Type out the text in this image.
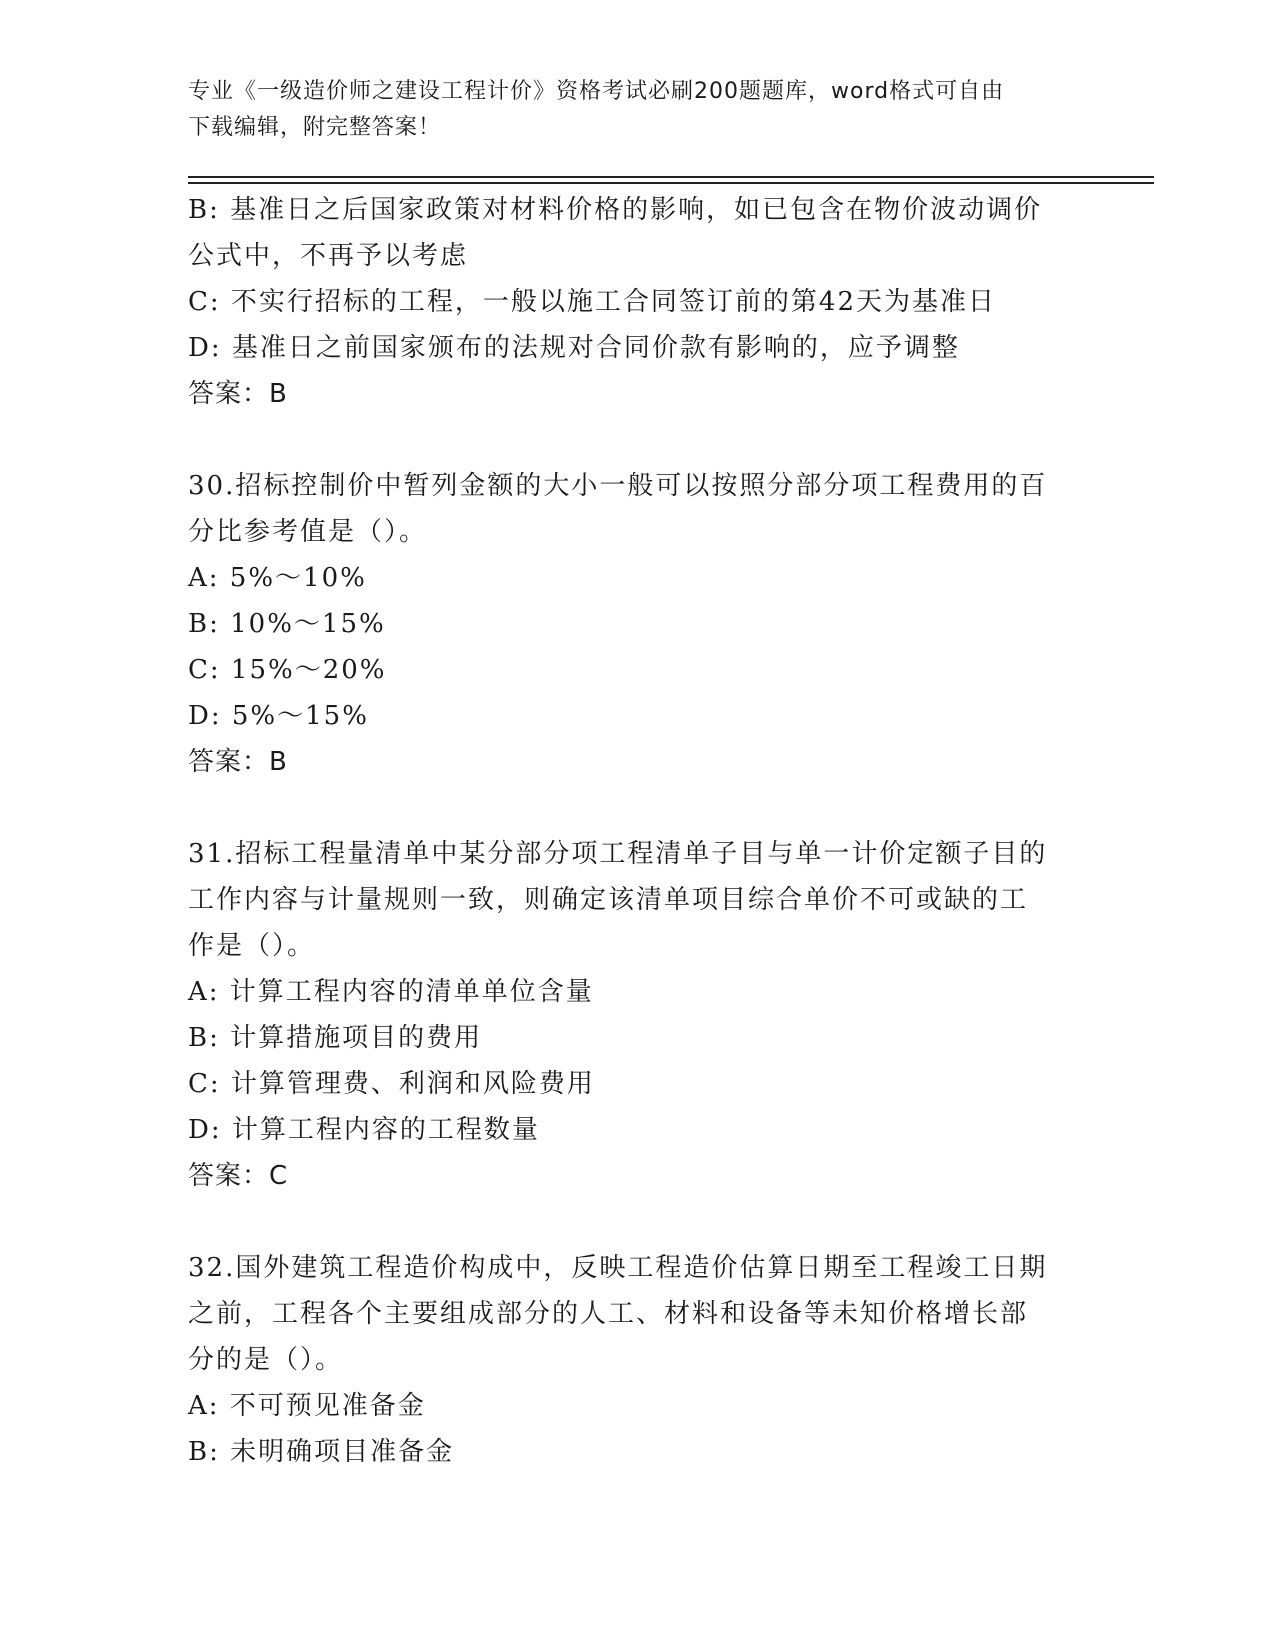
专业《一级造价师之建设工程计价》资格考试必刷200题题库，word格式可自由
下载编辑，附完整答案！
B: 基准日之后国家政策对材料价格的影响，如已包含在物价波动调价
公式中，不再予以考虑
C: 不实行招标的工程，一般以施工合同签订前的第42天为基准日
D: 基准日之前国家颁布的法规对合同价款有影响的，应予调整
答案：B
30.招标控制价中暂列金额的大小一般可以按照分部分项工程费用的百
分比参考值是（）。
A: 5%～10%
B: 10%～15%
C: 15%～20%
D: 5%～15%
答案：B
31.招标工程量清单中某分部分项工程清单子目与单一计价定额子目的
工作内容与计量规则一致，则确定该清单项目综合单价不可或缺的工
作是（）。
A: 计算工程内容的清单单位含量
B: 计算措施项目的费用
C: 计算管理费、利润和风险费用
D: 计算工程内容的工程数量
答案：C
32.国外建筑工程造价构成中，反映工程造价估算日期至工程竣工日期
之前，工程各个主要组成部分的人工、材料和设备等未知价格增长部
分的是（）。
A: 不可预见准备金
B: 未明确项目准备金
